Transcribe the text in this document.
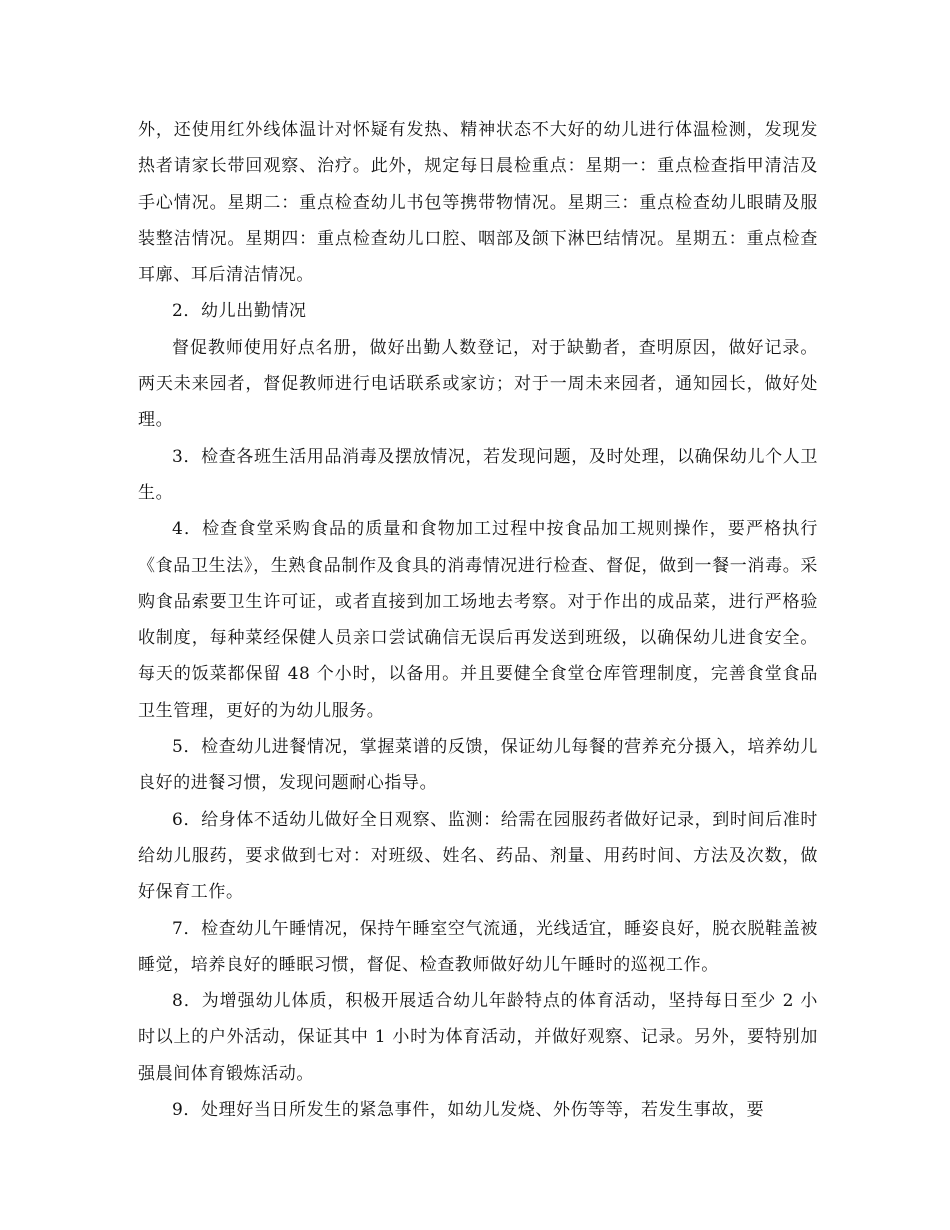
外，还使用红外线体温计对怀疑有发热、精神状态不大好的幼儿进行体温检测，发现发热者请家长带回观察、治疗。此外，规定每日晨检重点：星期一：重点检查指甲清洁及手心情况。星期二：重点检查幼儿书包等携带物情况。星期三：重点检查幼儿眼睛及服装整洁情况。星期四：重点检查幼儿口腔、咽部及颌下淋巴结情况。星期五：重点检查耳廓、耳后清洁情况。

2．幼儿出勤情况

督促教师使用好点名册，做好出勤人数登记，对于缺勤者，查明原因，做好记录。两天未来园者，督促教师进行电话联系或家访；对于一周未来园者，通知园长，做好处理。

3．检查各班生活用品消毒及摆放情况，若发现问题，及时处理，以确保幼儿个人卫生。

4．检查食堂采购食品的质量和食物加工过程中按食品加工规则操作，要严格执行《食品卫生法》，生熟食品制作及食具的消毒情况进行检查、督促，做到一餐一消毒。采购食品索要卫生许可证，或者直接到加工场地去考察。对于作出的成品菜，进行严格验收制度，每种菜经保健人员亲口尝试确信无误后再发送到班级，以确保幼儿进食安全。每天的饭菜都保留 48 个小时，以备用。并且要健全食堂仓库管理制度，完善食堂食品卫生管理，更好的为幼儿服务。

5．检查幼儿进餐情况，掌握菜谱的反馈，保证幼儿每餐的营养充分摄入，培养幼儿良好的进餐习惯，发现问题耐心指导。

6．给身体不适幼儿做好全日观察、监测：给需在园服药者做好记录，到时间后准时给幼儿服药，要求做到七对：对班级、姓名、药品、剂量、用药时间、方法及次数，做好保育工作。

7．检查幼儿午睡情况，保持午睡室空气流通，光线适宜，睡姿良好，脱衣脱鞋盖被睡觉，培养良好的睡眠习惯，督促、检查教师做好幼儿午睡时的巡视工作。

8．为增强幼儿体质，积极开展适合幼儿年龄特点的体育活动，坚持每日至少 2 小时以上的户外活动，保证其中 1 小时为体育活动，并做好观察、记录。另外，要特别加强晨间体育锻炼活动。

9．处理好当日所发生的紧急事件，如幼儿发烧、外伤等等，若发生事故，要
